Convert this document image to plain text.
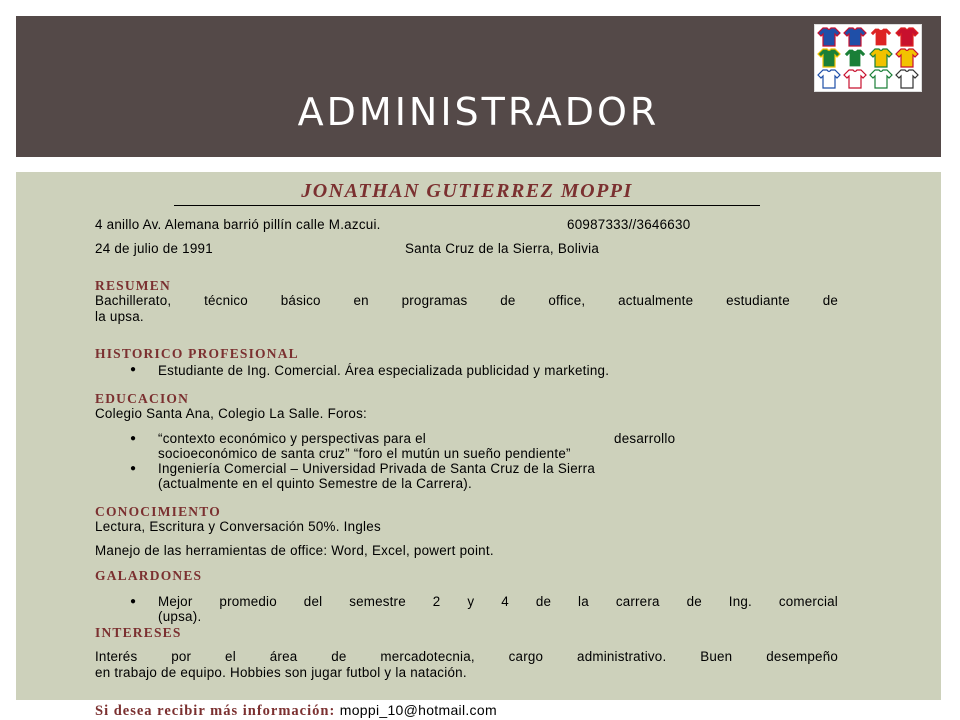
ADMINISTRADOR
JONATHAN GUTIERREZ MOPPI
4 anillo Av. Alemana barrió pillín calle M.azcui.	60987333//3646630
24 de julio de 1991	Santa Cruz de la Sierra, Bolivia
RESUMEN
Bachillerato, técnico básico en programas de office, actualmente estudiante de
la upsa.
HISTORICO PROFESIONAL
● Estudiante de Ing. Comercial. Área especializada publicidad y marketing.
EDUCACION
Colegio Santa Ana, Colegio La Salle. Foros:
● “contexto económico y perspectivas para el	desarrollo
socioeconómico de santa cruz” “foro el mutún un sueño pendiente”
● Ingeniería Comercial – Universidad Privada de Santa Cruz de la Sierra
(actualmente en el quinto Semestre de la Carrera).
CONOCIMIENTO
Lectura, Escritura y Conversación 50%. Ingles
Manejo de las herramientas de office: Word, Excel, powert point.
GALARDONES
● Mejor promedio del semestre 2 y 4 de la carrera de Ing. comercial
(upsa).
INTERESES
Interés por el área de mercadotecnia, cargo administrativo. Buen desempeño
en trabajo de equipo. Hobbies son jugar futbol y la natación.
Si desea recibir más información: moppi_10@hotmail.com
